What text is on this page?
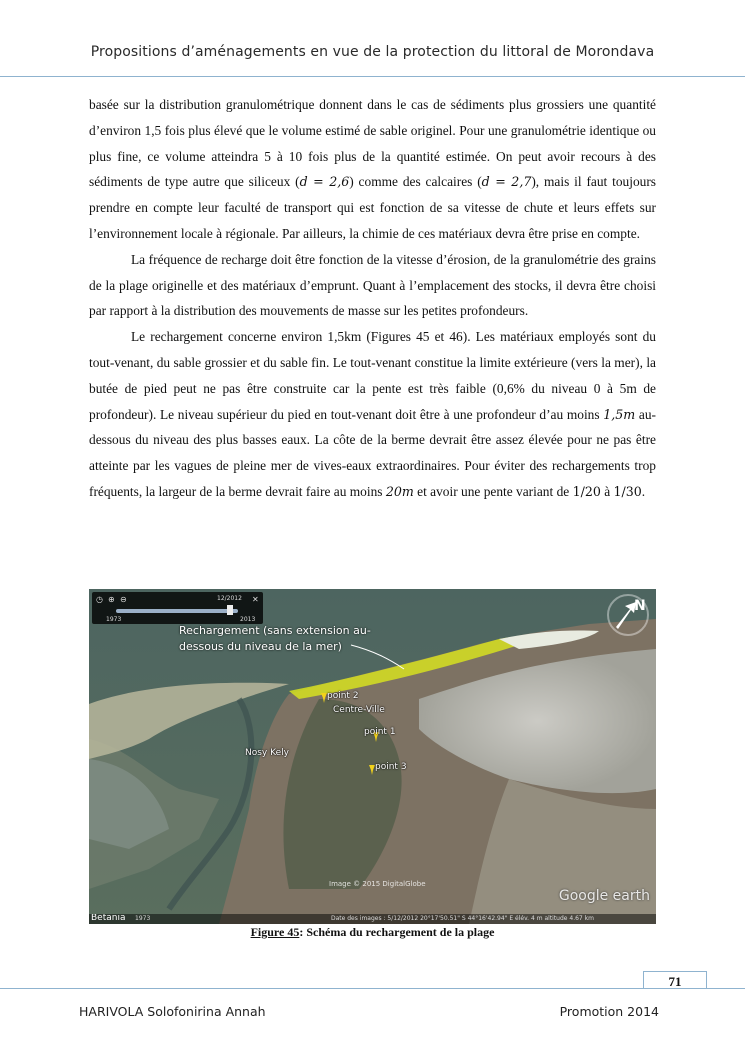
Propositions d’aménagements en vue de la protection du littoral de Morondava

basée sur la distribution granulométrique donnent dans le cas de sédiments plus grossiers une quantité d’environ 1,5 fois plus élevé que le volume estimé de sable originel. Pour une granulométrie identique ou plus fine, ce volume atteindra 5 à 10 fois plus de la quantité estimée. On peut avoir recours à des sédiments de type autre que siliceux (d = 2,6) comme des calcaires (d = 2,7), mais il faut toujours prendre en compte leur faculté de transport qui est fonction de sa vitesse de chute et leurs effets sur l’environnement locale à régionale. Par ailleurs, la chimie de ces matériaux devra être prise en compte.

La fréquence de recharge doit être fonction de la vitesse d’érosion, de la granulométrie des grains de la plage originelle et des matériaux d’emprunt. Quant à l’emplacement des stocks, il devra être choisi par rapport à la distribution des mouvements de masse sur les petites profondeurs.

Le rechargement concerne environ 1,5km (Figures 45 et 46). Les matériaux employés sont du tout-venant, du sable grossier et du sable fin. Le tout-venant constitue la limite extérieure (vers la mer), la butée de pied peut ne pas être construite car la pente est très faible (0,6% du niveau 0 à 5m de profondeur). Le niveau supérieur du pied en tout-venant doit être à une profondeur d’au moins 1,5m au-dessous du niveau des plus basses eaux. La côte de la berme devrait être assez élevée pour ne pas être atteinte par les vagues de pleine mer de vives-eaux extraordinaires. Pour éviter des rechargements trop fréquents, la largeur de la berme devrait faire au moins 20m et avoir une pente variant de 1/20 à 1/30.

◷ ⊕ ⊖	✕
12/2012
1973	2013
N
Rechargement (sans extension au-dessous du niveau de la mer)
point 2
Centre-Ville
point 1
Nosy Kely
point 3
Image © 2015 DigitalGlobe
Google earth
Betania 1973	Date des images : 5/12/2012 20°17'50.51" S 44°16'42.94" E élév. 4 m altitude 4.67 km
Figure 45: Schéma du rechargement de la plage
71
HARIVOLA Solofonirina Annah	Promotion 2014
